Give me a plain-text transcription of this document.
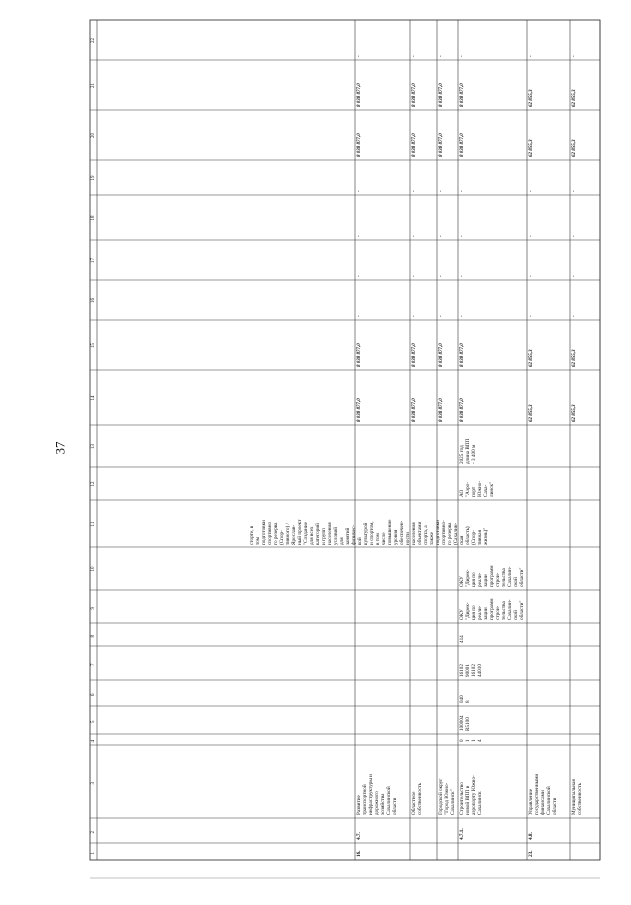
37
1
2
3
4
5
6
7
8
9
10
11
12
13
14
15
16
17
18
19
20
21
22
сторте, в том подготовки спортивно го резерва (Спор- тивного) / Ярослав- ный проект "Создание для всех категорий и групп населения условий для занятий физичес- кой культурой и спортом, в том числе повышение уровня обеспечен- ности населения объектами спорта, а также подготовки спортивно- го резерва (Сахалин- ская область) (Спор- тивная жизнь)"
16.
4.7.
Развитие транспортной инфраструктуры и дорожного хозяйства Сахалинской области
8 038 877,0
8 038 877,0
-
-
-
-
8 038 877,0
8 038 877,0
-
Областное собственность
8 038 877,0
8 038 877,0
-
-
-
-
8 038 877,0
8 038 877,0
-
Городской округ "Город Южно- Сахалинск"
8 038 877,0
8 038 877,0
-
-
-
-
8 038 877,0
8 038 877,0
-
4.7.1.
Строительство новой ВПП в аэропорту Южно- Сахалинск
0 1 1 4
100004 R5100
040 8
16102 90001 16102 44010
414
ОКУ "Дирек- ция по реали- зации программ строи- тельства Сахалин- ской области"
ОКУ "Дирек- ция по реали- зации программ строи- тельства Сахалин- ской области"
АО "Аэро- порт Южно- Саха- линск"
2025 год длина ВПП - 3 400 м
8 038 877,0
8 038 877,0
-
-
-
-
8 038 877,0
8 038 877,0
-
23.
4.8.
Управление государственными финансами Сахалинской области
62 855,3
62 855,3
-
-
-
-
62 855,3
62 855,3
-
Муниципальная собственность
62 855,3
62 855,3
-
-
-
-
62 855,3
62 855,3
-
